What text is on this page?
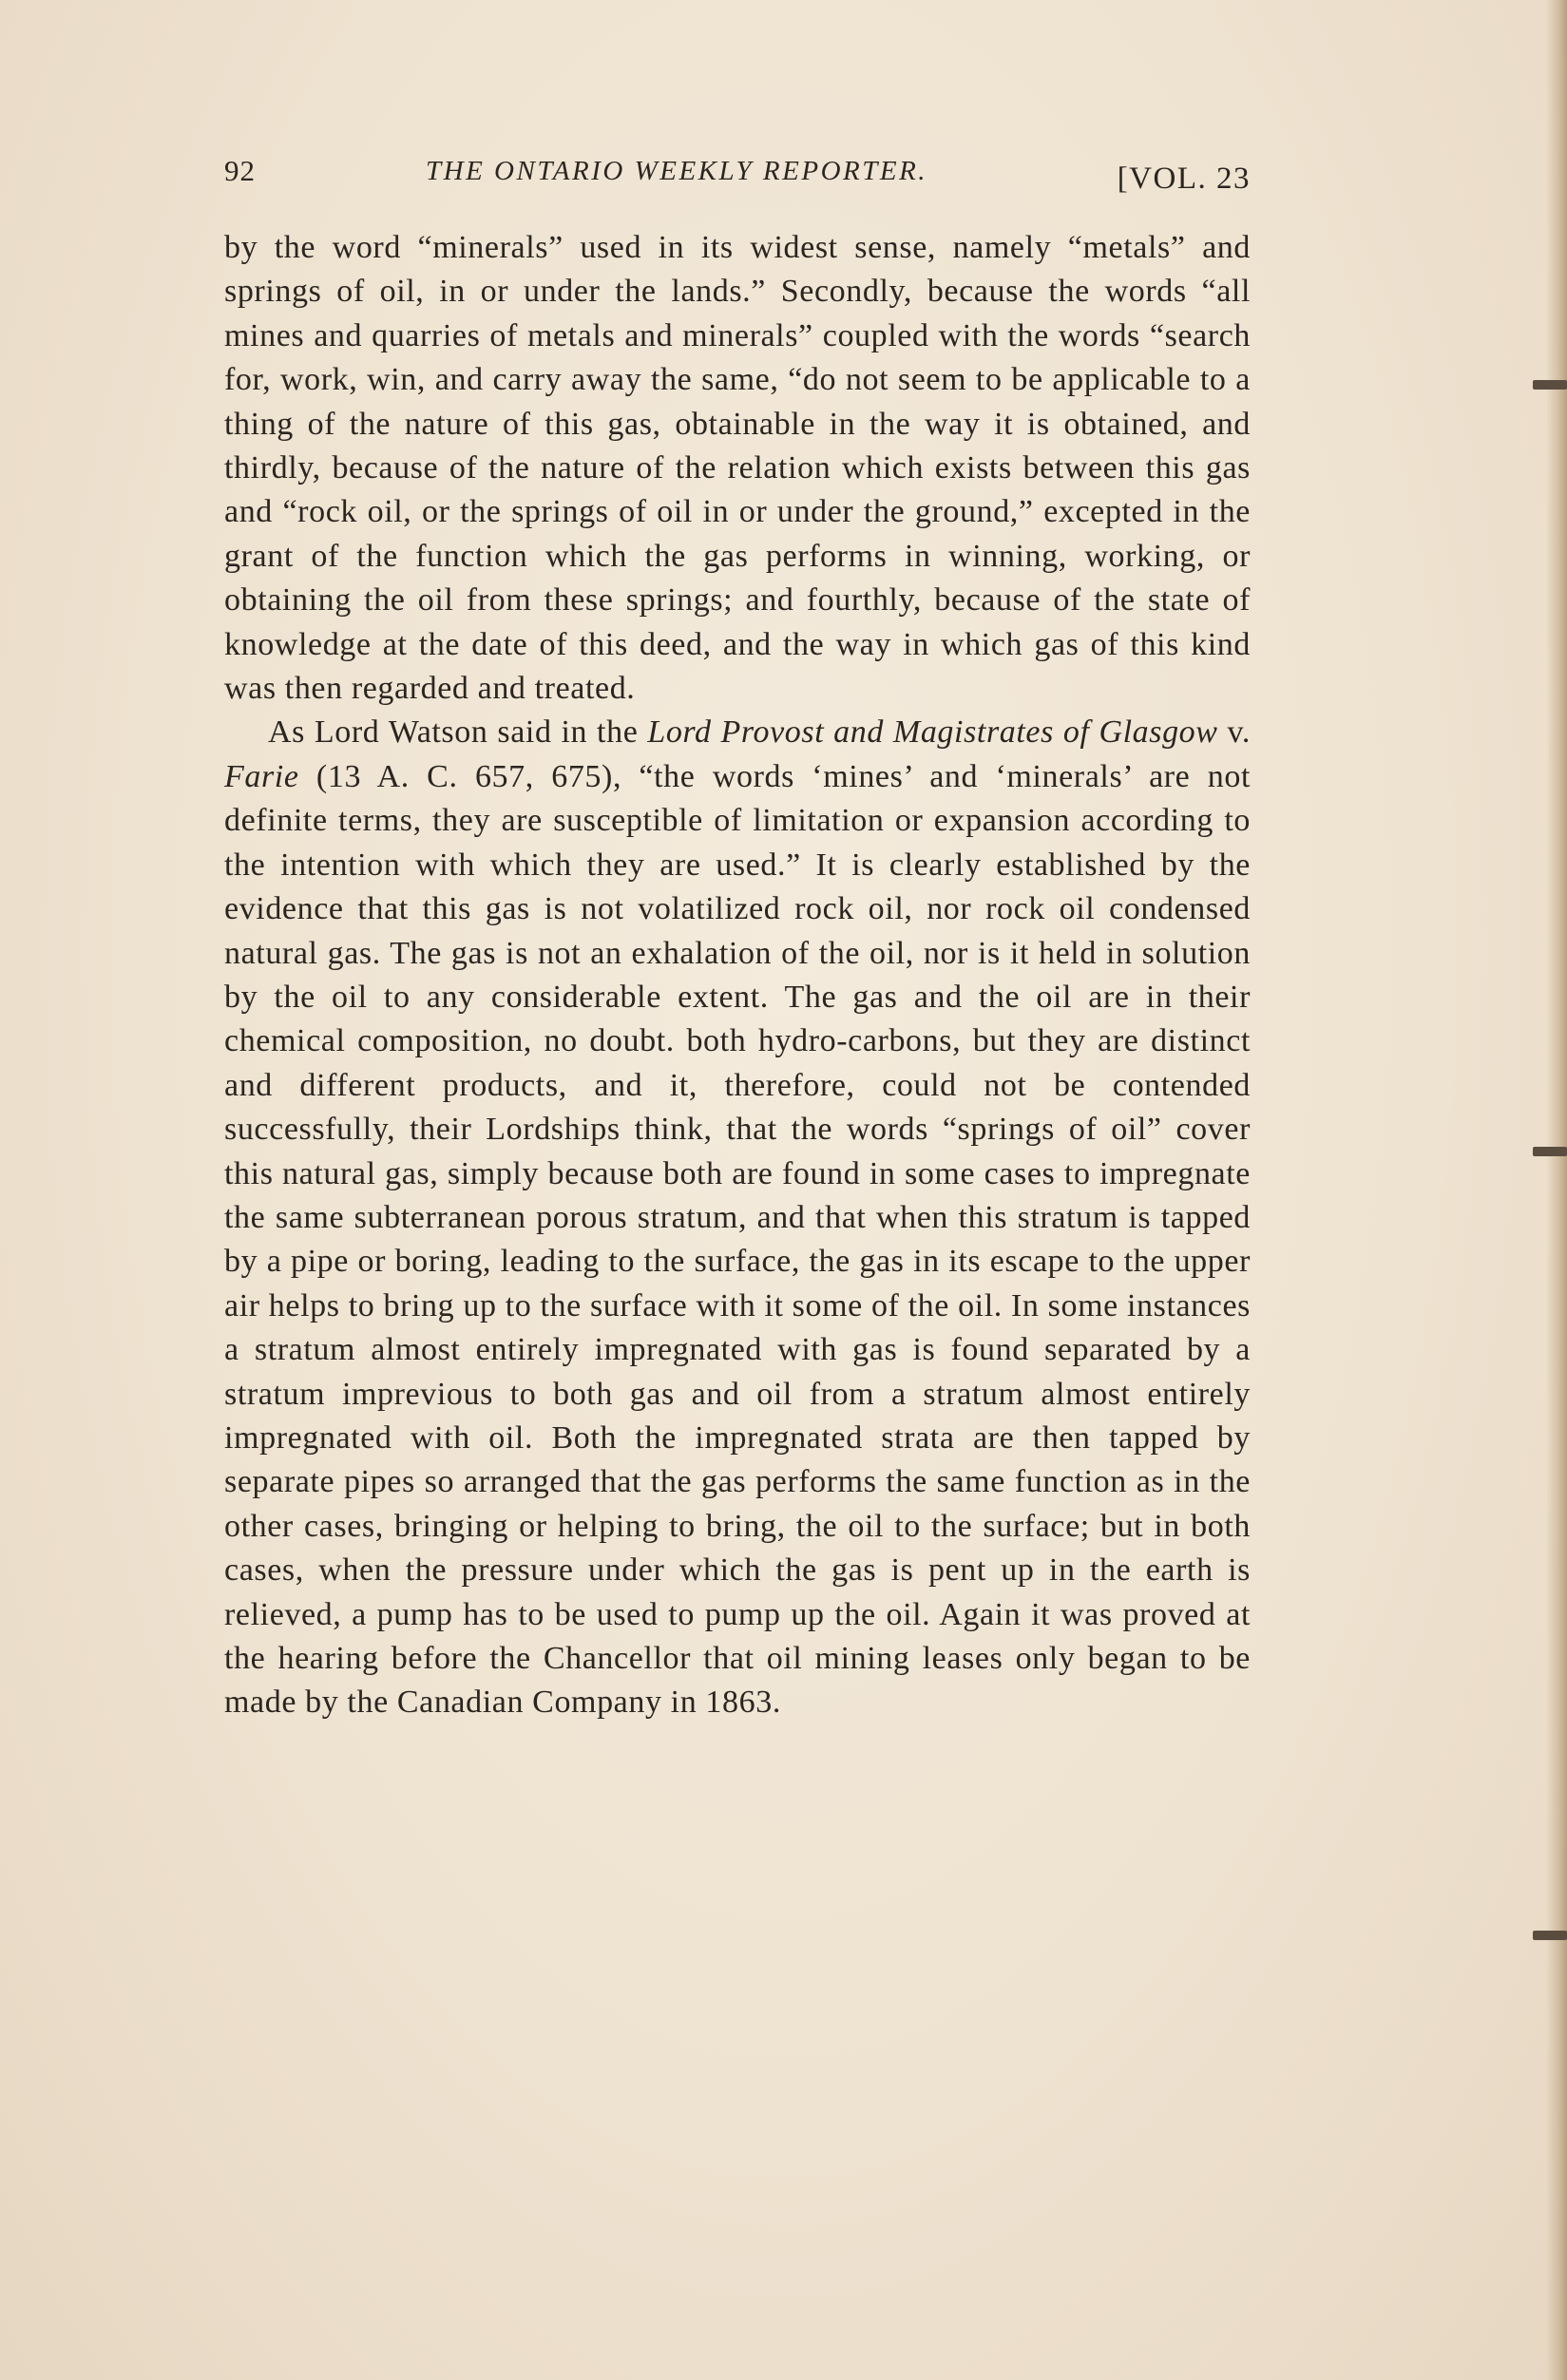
92	THE ONTARIO WEEKLY REPORTER.	[VOL. 23

by the word “minerals” used in its widest sense, namely “metals” and springs of oil, in or under the lands.” Secondly, because the words “all mines and quarries of metals and minerals” coupled with the words “search for, work, win, and carry away the same, “do not seem to be applicable to a thing of the nature of this gas, obtainable in the way it is obtained, and thirdly, because of the nature of the relation which exists between this gas and “rock oil, or the springs of oil in or under the ground,” excepted in the grant of the function which the gas performs in winning, working, or obtaining the oil from these springs; and fourthly, because of the state of knowledge at the date of this deed, and the way in which gas of this kind was then regarded and treated.

As Lord Watson said in the Lord Provost and Magistrates of Glasgow v. Farie (13 A. C. 657, 675), “the words ‘mines’ and ‘minerals’ are not definite terms, they are susceptible of limitation or expansion according to the intention with which they are used.” It is clearly established by the evidence that this gas is not volatilized rock oil, nor rock oil condensed natural gas. The gas is not an exhalation of the oil, nor is it held in solution by the oil to any considerable extent. The gas and the oil are in their chemical composition, no doubt. both hydro-carbons, but they are distinct and different products, and it, therefore, could not be contended successfully, their Lordships think, that the words “springs of oil” cover this natural gas, simply because both are found in some cases to impregnate the same subterranean porous stratum, and that when this stratum is tapped by a pipe or boring, leading to the surface, the gas in its escape to the upper air helps to bring up to the surface with it some of the oil. In some instances a stratum almost entirely impregnated with gas is found separated by a stratum imprevious to both gas and oil from a stratum almost entirely impregnated with oil. Both the impregnated strata are then tapped by separate pipes so arranged that the gas performs the same function as in the other cases, bringing or helping to bring, the oil to the surface; but in both cases, when the pressure under which the gas is pent up in the earth is relieved, a pump has to be used to pump up the oil. Again it was proved at the hearing before the Chancellor that oil mining leases only began to be made by the Canadian Company in 1863.
